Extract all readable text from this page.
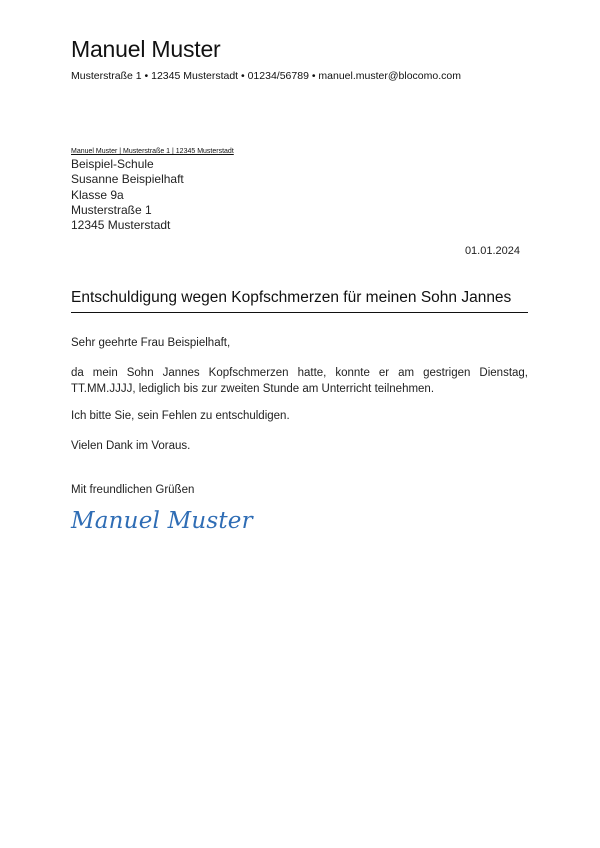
Manuel Muster
Musterstraße 1 • 12345 Musterstadt • 01234/56789 • manuel.muster@blocomo.com
Manuel Muster | Musterstraße 1 | 12345 Musterstadt
Beispiel-Schule
Susanne Beispielhaft
Klasse 9a
Musterstraße 1
12345 Musterstadt
01.01.2024
Entschuldigung wegen Kopfschmerzen für meinen Sohn Jannes
Sehr geehrte Frau Beispielhaft,
da mein Sohn Jannes Kopfschmerzen hatte, konnte er am gestrigen Dienstag, TT.MM.JJJJ, lediglich bis zur zweiten Stunde am Unterricht teilnehmen.
Ich bitte Sie, sein Fehlen zu entschuldigen.
Vielen Dank im Voraus.
Mit freundlichen Grüßen
Manuel Muster
